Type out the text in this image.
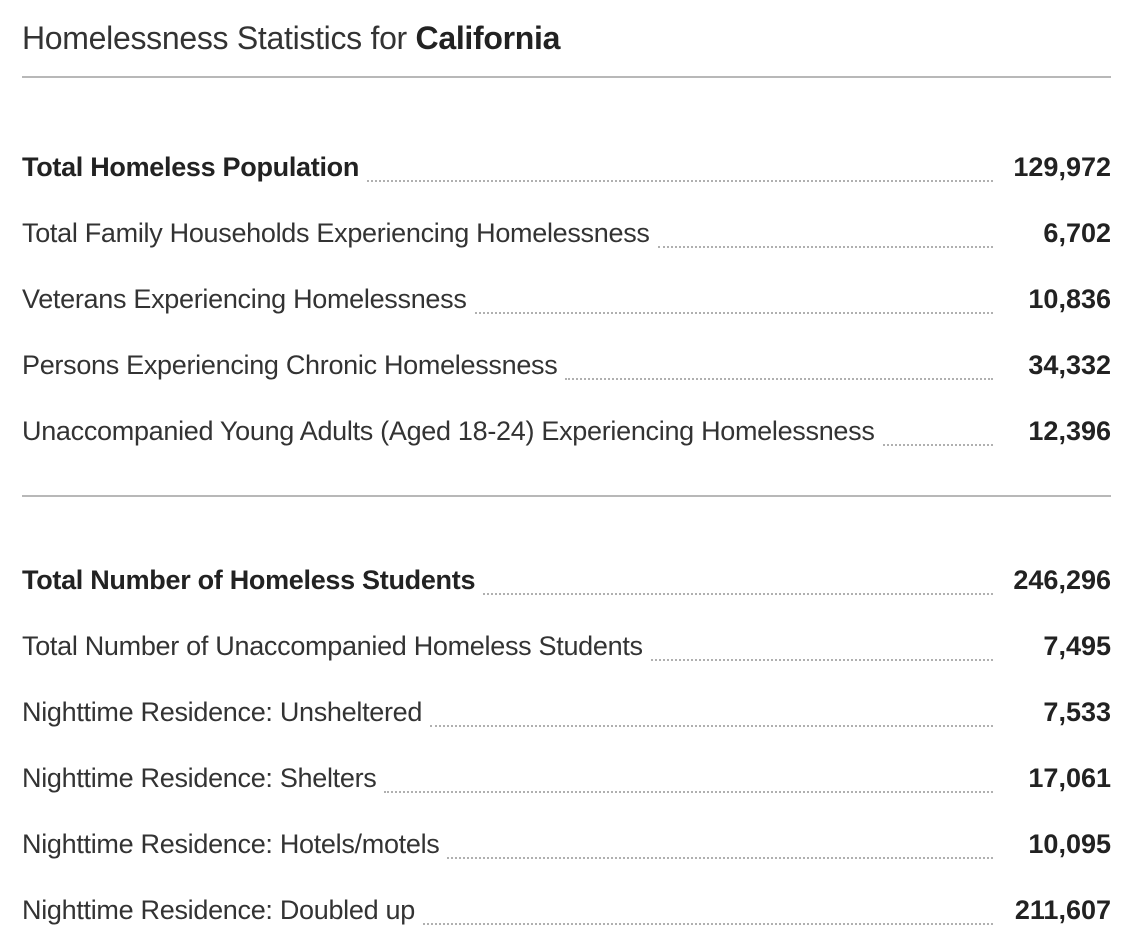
Homelessness Statistics for California
Total Homeless Population	129,972
Total Family Households Experiencing Homelessness	6,702
Veterans Experiencing Homelessness	10,836
Persons Experiencing Chronic Homelessness	34,332
Unaccompanied Young Adults (Aged 18-24) Experiencing Homelessness	12,396
Total Number of Homeless Students	246,296
Total Number of Unaccompanied Homeless Students	7,495
Nighttime Residence: Unsheltered	7,533
Nighttime Residence: Shelters	17,061
Nighttime Residence: Hotels/motels	10,095
Nighttime Residence: Doubled up	211,607
